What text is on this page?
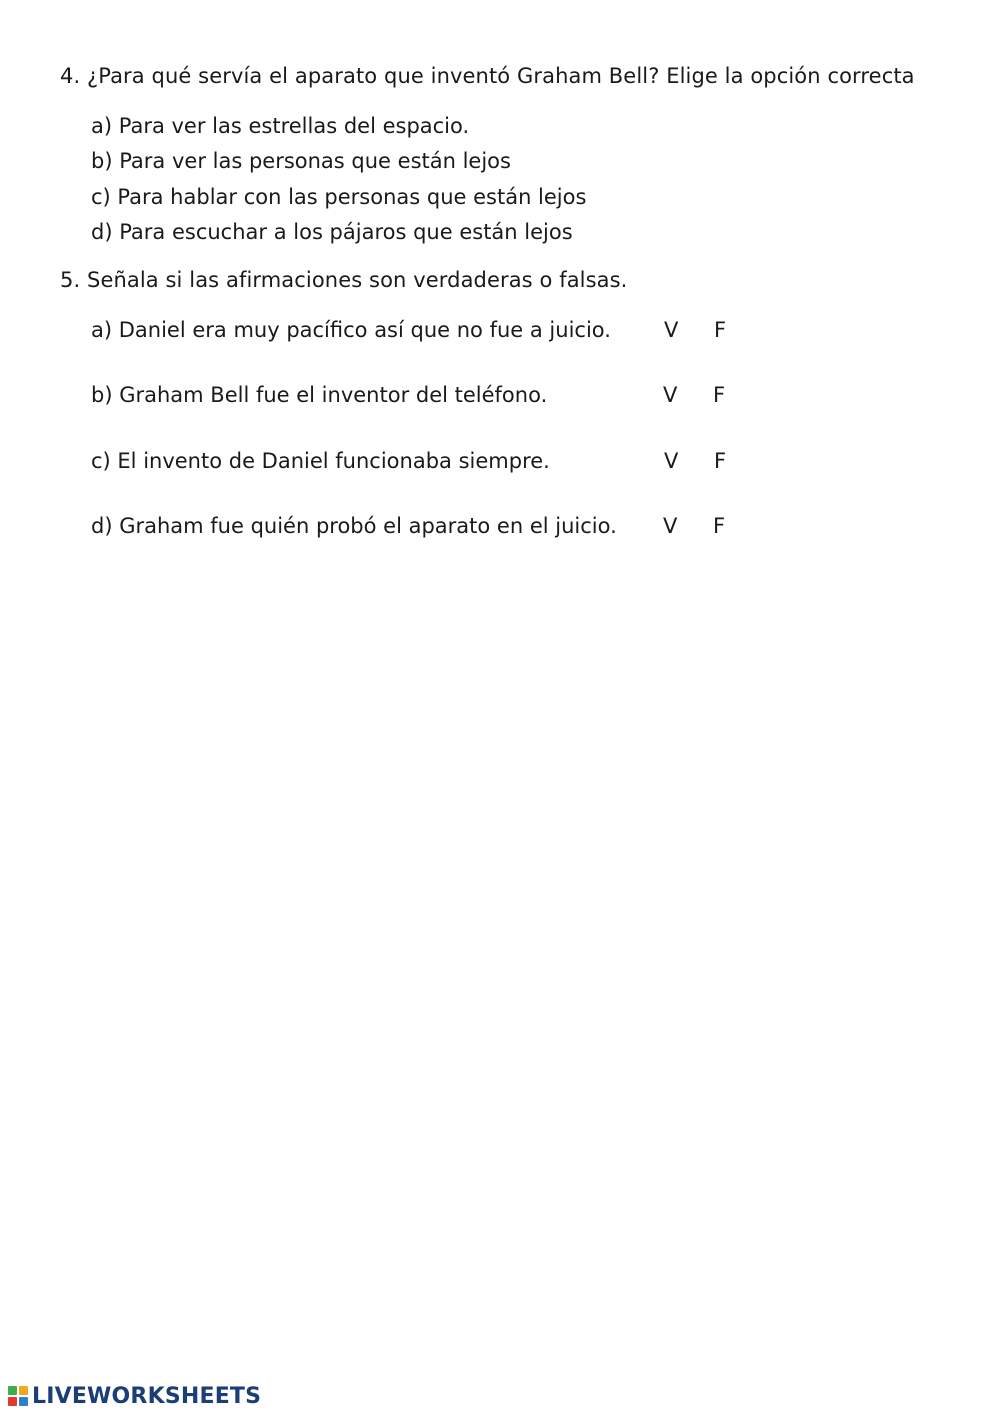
4. ¿Para qué servía el aparato que inventó Graham Bell? Elige la opción correcta
a) Para ver las estrellas del espacio.
b) Para ver las personas que están lejos
c) Para hablar con las personas que están lejos
d) Para escuchar a los pájaros que están lejos
5. Señala si las afirmaciones son verdaderas o falsas.
a) Daniel era muy pacífico así que no fue a juicio.	V F
b) Graham Bell fue el inventor del teléfono.	V F
c) El invento de Daniel funcionaba siempre.	V F
d) Graham fue quién probó el aparato en el juicio. V F
LIVEWORKSHEETS
